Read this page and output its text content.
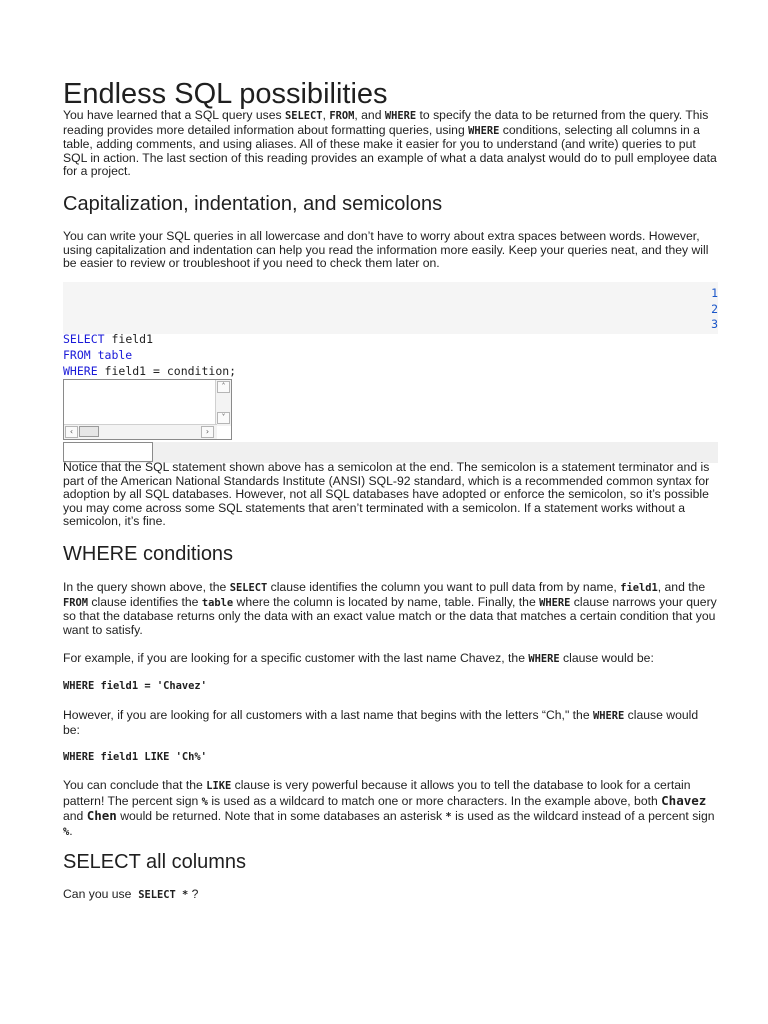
Endless SQL possibilities

You have learned that a SQL query uses SELECT, FROM, and WHERE to specify the data to be returned from the query. This reading provides more detailed information about formatting queries, using WHERE conditions, selecting all columns in a table, adding comments, and using aliases. All of these make it easier for you to understand (and write) queries to put SQL in action. The last section of this reading provides an example of what a data analyst would do to pull employee data for a project.

Capitalization, indentation, and semicolons

You can write your SQL queries in all lowercase and don’t have to worry about extra spaces between words. However, using capitalization and indentation can help you read the information more easily. Keep your queries neat, and they will be easier to review or troubleshoot if you need to check them later on.

1
2
3
SELECT field1
FROM table
WHERE field1 = condition;
˄
˅
‹	›

Notice that the SQL statement shown above has a semicolon at the end. The semicolon is a statement terminator and is part of the American National Standards Institute (ANSI) SQL-92 standard, which is a recommended common syntax for adoption by all SQL databases. However, not all SQL databases have adopted or enforce the semicolon, so it’s possible you may come across some SQL statements that aren’t terminated with a semicolon. If a statement works without a semicolon, it’s fine.

WHERE conditions

In the query shown above, the SELECT clause identifies the column you want to pull data from by name, field1, and the FROM clause identifies the table where the column is located by name, table. Finally, the WHERE clause narrows your query so that the database returns only the data with an exact value match or the data that matches a certain condition that you want to satisfy.

For example, if you are looking for a specific customer with the last name Chavez, the WHERE clause would be:

WHERE field1 = 'Chavez'

However, if you are looking for all customers with a last name that begins with the letters “Ch," the WHERE clause would be:

WHERE field1 LIKE 'Ch%'

You can conclude that the LIKE clause is very powerful because it allows you to tell the database to look for a certain pattern! The percent sign % is used as a wildcard to match one or more characters. In the example above, both Chavez and Chen would be returned. Note that in some databases an asterisk * is used as the wildcard instead of a percent sign %.

SELECT all columns

Can you use  SELECT * ?
